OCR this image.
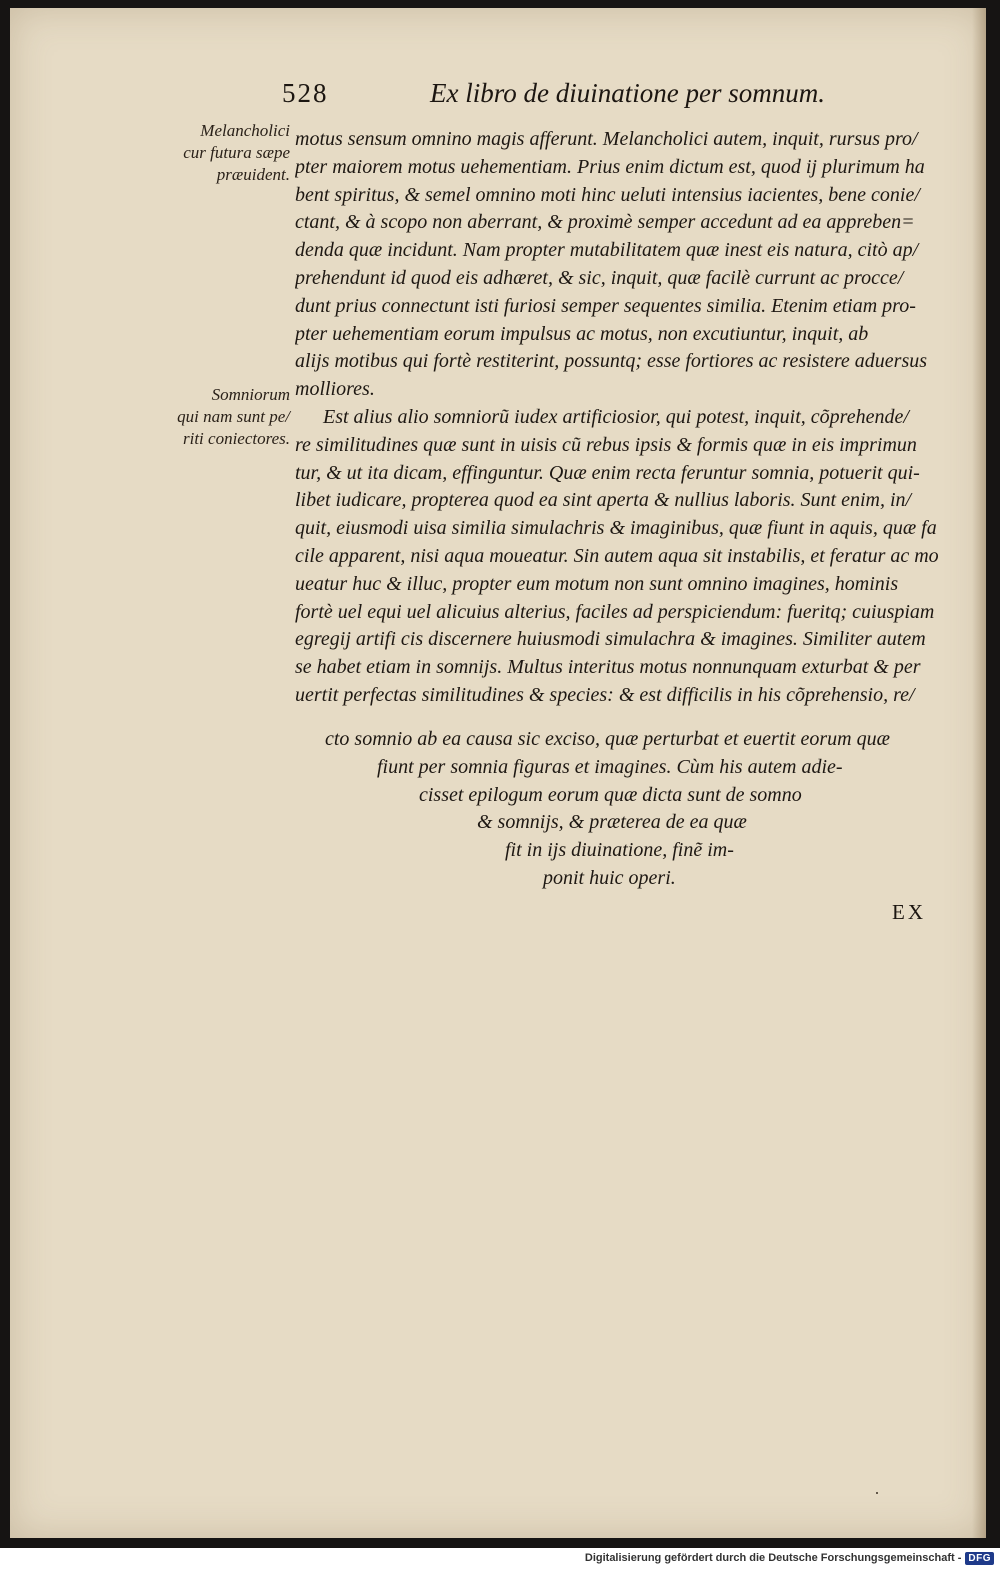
528	Ex libro de diuinatione per somnum.
Melancholici
cur futura sæpe
præuident.
Somniorum
qui nam sunt pe/
riti coniectores.
motus sensum omnino magis afferunt. Melancholici autem, inquit, rursus pro/
pter maiorem motus uehementiam. Prius enim dictum est, quod ij plurimum ha
bent spiritus, & semel omnino moti hinc ueluti intensius iacientes, bene conie/
ctant, & à scopo non aberrant, & proximè semper accedunt ad ea appreben=
denda quæ incidunt. Nam propter mutabilitatem quæ inest eis natura, citò ap/
prehendunt id quod eis adhæret, & sic, inquit, quæ facilè currunt ac procce/
dunt prius connectunt isti furiosi semper sequentes similia. Etenim etiam pro-
pter uehementiam eorum impulsus ac motus, non excutiuntur, inquit, ab
alijs motibus qui fortè restiterint, possuntq; esse fortiores ac resistere aduersus
molliores.
Est alius alio somniorũ iudex artificiosior, qui potest, inquit, cõprehende/
re similitudines quæ sunt in uisis cũ rebus ipsis & formis quæ in eis imprimun
tur, & ut ita dicam, effinguntur. Quæ enim recta feruntur somnia, potuerit qui-
libet iudicare, propterea quod ea sint aperta & nullius laboris. Sunt enim, in/
quit, eiusmodi uisa similia simulachris & imaginibus, quæ fiunt in aquis, quæ fa
cile apparent, nisi aqua moueatur. Sin autem aqua sit instabilis, et feratur ac mo
ueatur huc & illuc, propter eum motum non sunt omnino imagines, hominis
fortè uel equi uel alicuius alterius, faciles ad perspiciendum: fueritq; cuiuspiam
egregij artifi cis discernere huiusmodi simulachra & imagines. Similiter autem
se habet etiam in somnijs. Multus interitus motus nonnunquam exturbat & per
uertit perfectas similitudines & species: & est difficilis in his cõprehensio, re/
cto somnio ab ea causa sic exciso, quæ perturbat et euertit eorum quæ
fiunt per somnia figuras et imagines. Cùm his autem adie-
cisset epilogum eorum quæ dicta sunt de somno
& somnijs, & præterea de ea quæ
fit in ijs diuinatione, finẽ im-
ponit huic operi.
EX
Digitalisierung gefördert durch die Deutsche Forschungsgemeinschaft - DFG
